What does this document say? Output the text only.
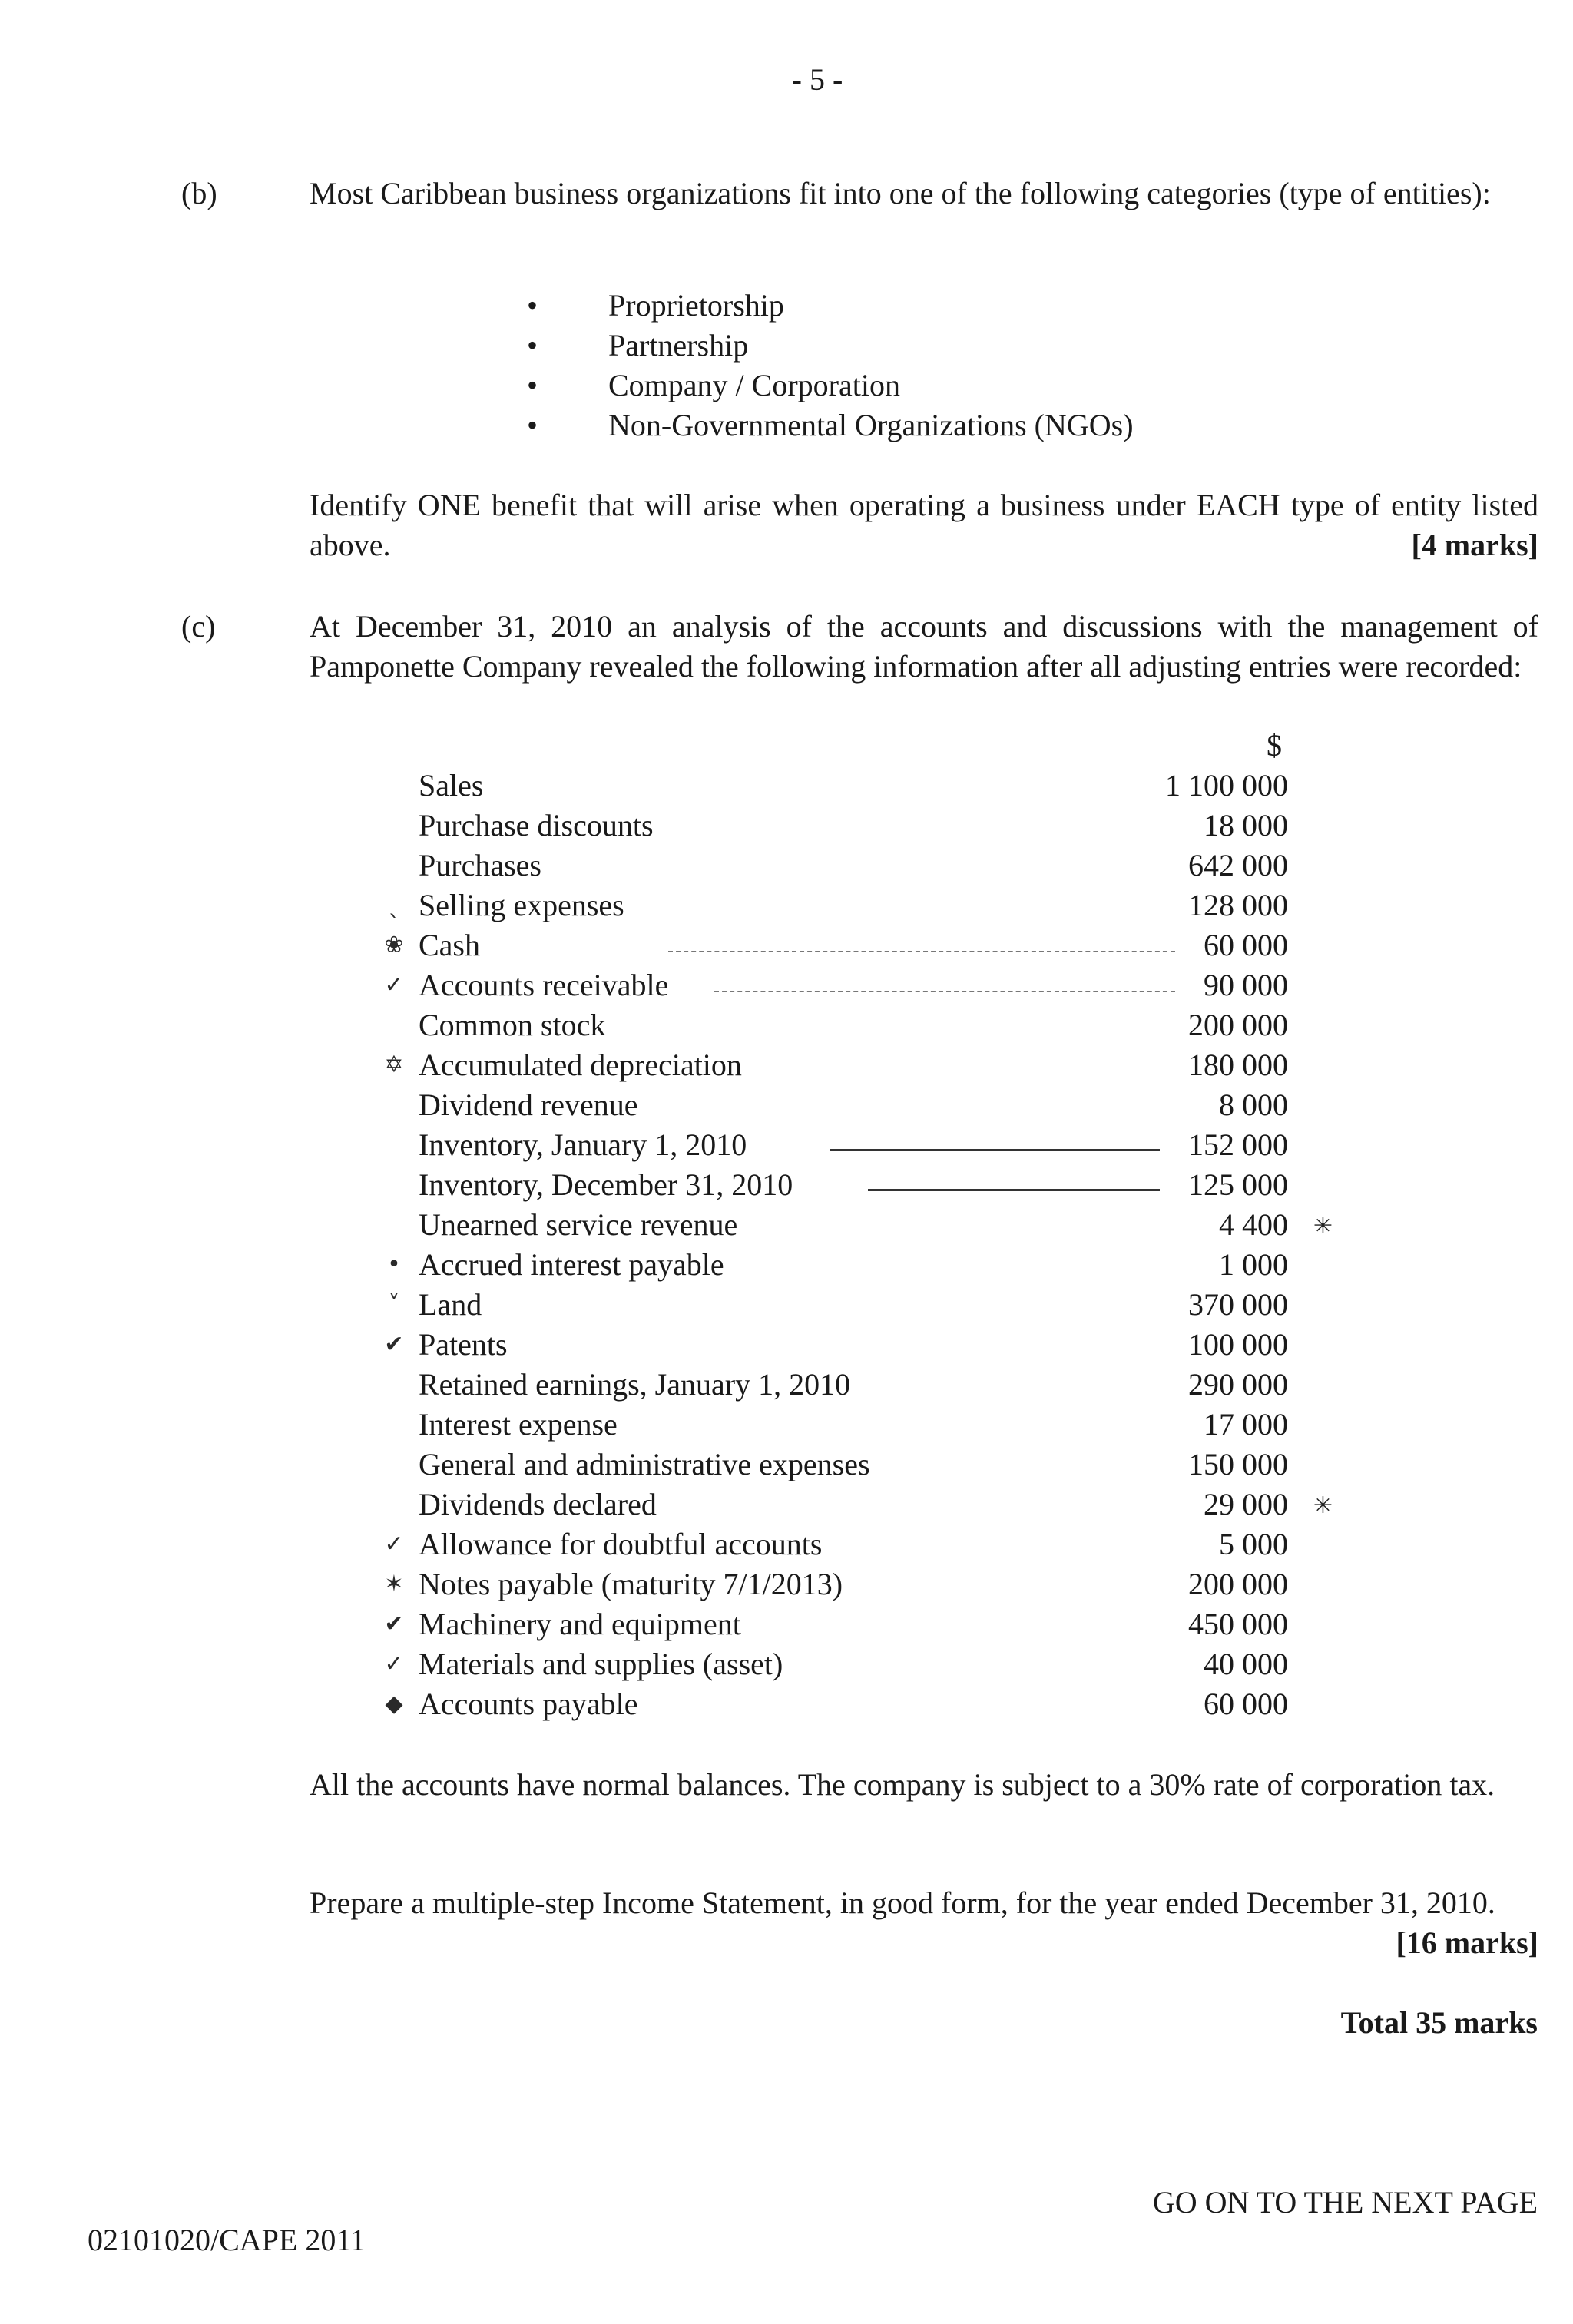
- 5 -
(b)	Most Caribbean business organizations fit into one of the following categories (type of entities):
• Proprietorship
• Partnership
• Company / Corporation
• Non-Governmental Organizations (NGOs)
Identify ONE benefit that will arise when operating a business under EACH type of entity listed above.	[4 marks]
(c)	At December 31, 2010 an analysis of the accounts and discussions with the management of Pamponette Company revealed the following information after all adjusting entries were recorded:
$
Sales	1 100 000
Purchase discounts	18 000
Purchases	642 000
ˎ Selling expenses	128 000
❀ Cash	60 000
✓ Accounts receivable	90 000
Common stock	200 000
✡ Accumulated depreciation	180 000
Dividend revenue	8 000
Inventory, January 1, 2010	152 000
Inventory, December 31, 2010	125 000
Unearned service revenue	4 400 ✳
• Accrued interest payable	1 000
˅ Land	370 000
✔ Patents	100 000
Retained earnings, January 1, 2010	290 000
Interest expense	17 000
General and administrative expenses	150 000
Dividends declared	29 000 ✳
✓ Allowance for doubtful accounts	5 000
✶ Notes payable (maturity 7/1/2013)	200 000
✔ Machinery and equipment	450 000
✓ Materials and supplies (asset)	40 000
◆ Accounts payable	60 000
All the accounts have normal balances. The company is subject to a 30% rate of corporation tax.
Prepare a multiple-step Income Statement, in good form, for the year ended December 31, 2010.
[16 marks]
Total 35 marks
GO ON TO THE NEXT PAGE
02101020/CAPE 2011
